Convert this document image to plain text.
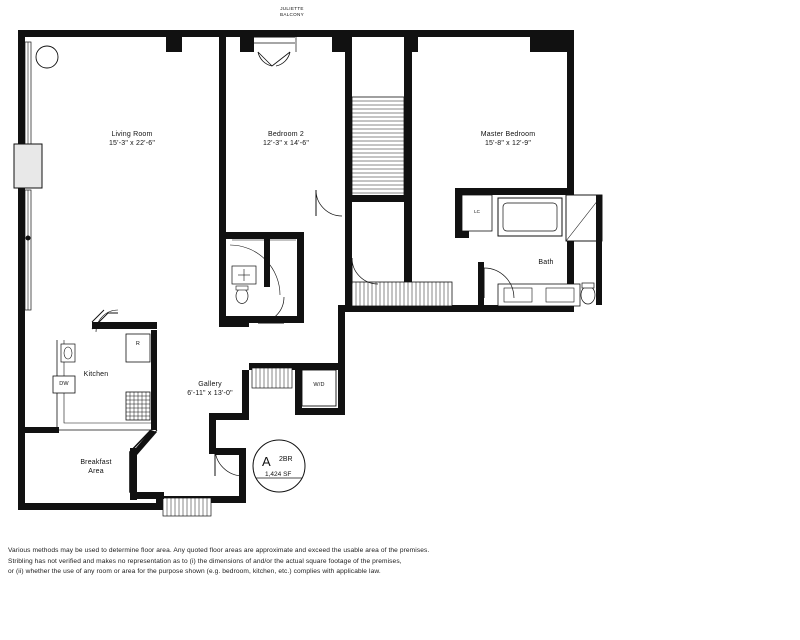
JULIETTE
BALCONY
Living Room
15'-3" x 22'-6"
Bedroom 2
12'-3" x 14'-6"
Master Bedroom
15'-8" x 12'-9"
Bath
Kitchen
Breakfast
Area
Gallery
6'-11" x 13'-0"
R
DW	W/D
LC
A 2BR
1,424 SF
Various methods may be used to determine floor area. Any quoted floor areas are approximate and exceed the usable area of the premises.
Stribling has not verified and makes no representation as to (i) the dimensions of and/or the actual square footage of the premises,
or (ii) whether the use of any room or area for the purpose shown (e.g. bedroom, kitchen, etc.) complies with applicable law.
